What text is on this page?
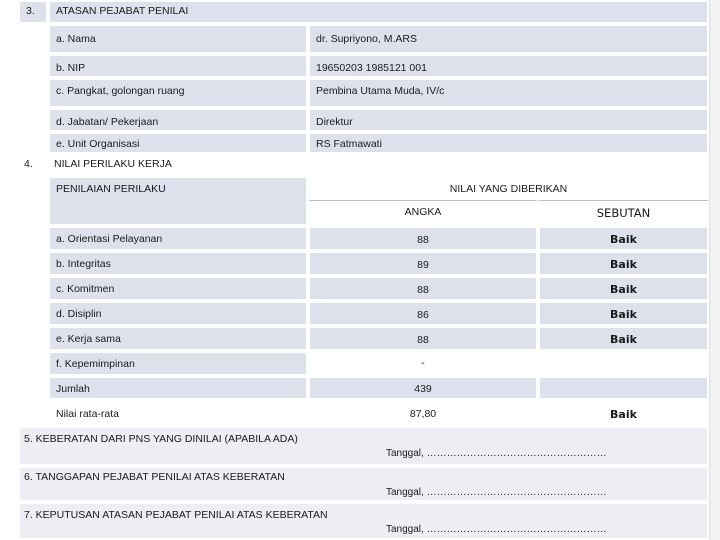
3.	ATASAN PEJABAT PENILAI
a. Nama	dr. Supriyono, M.ARS
b. NIP	19650203 1985121 001
c. Pangkat, golongan ruang	Pembina Utama Muda, IV/c
d. Jabatan/ Pekerjaan	Direktur
e. Unit Organisasi	RS Fatmawati
4. NILAI PERILAKU KERJA
PENILAIAN PERILAKU	NILAI YANG DIBERIKAN
ANGKA	SEBUTAN
a. Orientasi Pelayanan	88	Baik
b. Integritas	89	Baik
c. Komitmen	88	Baik
d. Disiplin	86	Baik
e. Kerja sama	88	Baik
f. Kepemimpinan	-
Jumlah	439
Nilai rata-rata	87,80	Baik
5. KEBERATAN DARI PNS YANG DINILAI (APABILA ADA)
Tanggal, ………………………………………………
6. TANGGAPAN PEJABAT PENILAI ATAS KEBERATAN
Tanggal, ………………………………………………
7. KEPUTUSAN ATASAN PEJABAT PENILAI ATAS KEBERATAN
Tanggal, ………………………………………………
